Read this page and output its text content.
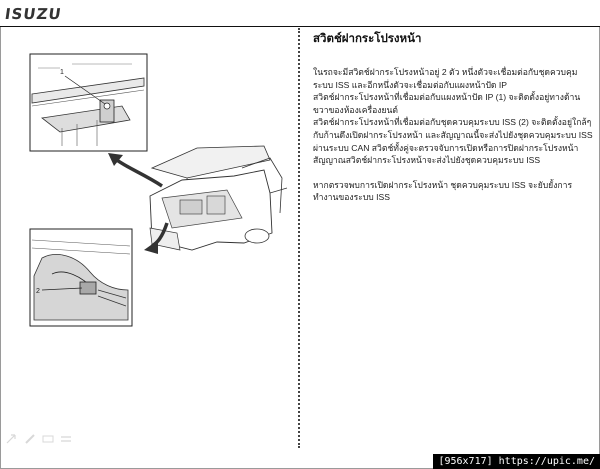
ISUZU
1
2
สวิตช์ฝากระโปรงหน้า

ในรถจะมีสวิตช์ฝากระโปรงหน้าอยู่ 2 ตัว หนึ่งตัวจะเชื่อมต่อกับชุดควบคุมระบบ ISS และอีกหนึ่งตัวจะเชื่อมต่อกับแผงหน้าปัด IP

สวิตช์ฝากระโปรงหน้าที่เชื่อมต่อกับแผงหน้าปัด IP (1) จะติดตั้งอยู่ทางด้านขวาของห้องเครื่องยนต์

สวิตช์ฝากระโปรงหน้าที่เชื่อมต่อกับชุดควบคุมระบบ ISS (2) จะติดตั้งอยู่ใกล้ๆ กับก้านดึงเปิดฝากระโปรงหน้า และสัญญาณนี้จะส่งไปยังชุดควบคุมระบบ ISS ผ่านระบบ CAN สวิตช์ทั้งคู่จะตรวจจับการเปิดหรือการปิดฝากระโปรงหน้า

สัญญาณสวิตช์ฝากระโปรงหน้าจะส่งไปยังชุดควบคุมระบบ ISS

หากตรวจพบการเปิดฝากระโปรงหน้า ชุดควบคุมระบบ ISS จะยับยั้งการทำงานของระบบ ISS

[956x717] https://upic.me/
